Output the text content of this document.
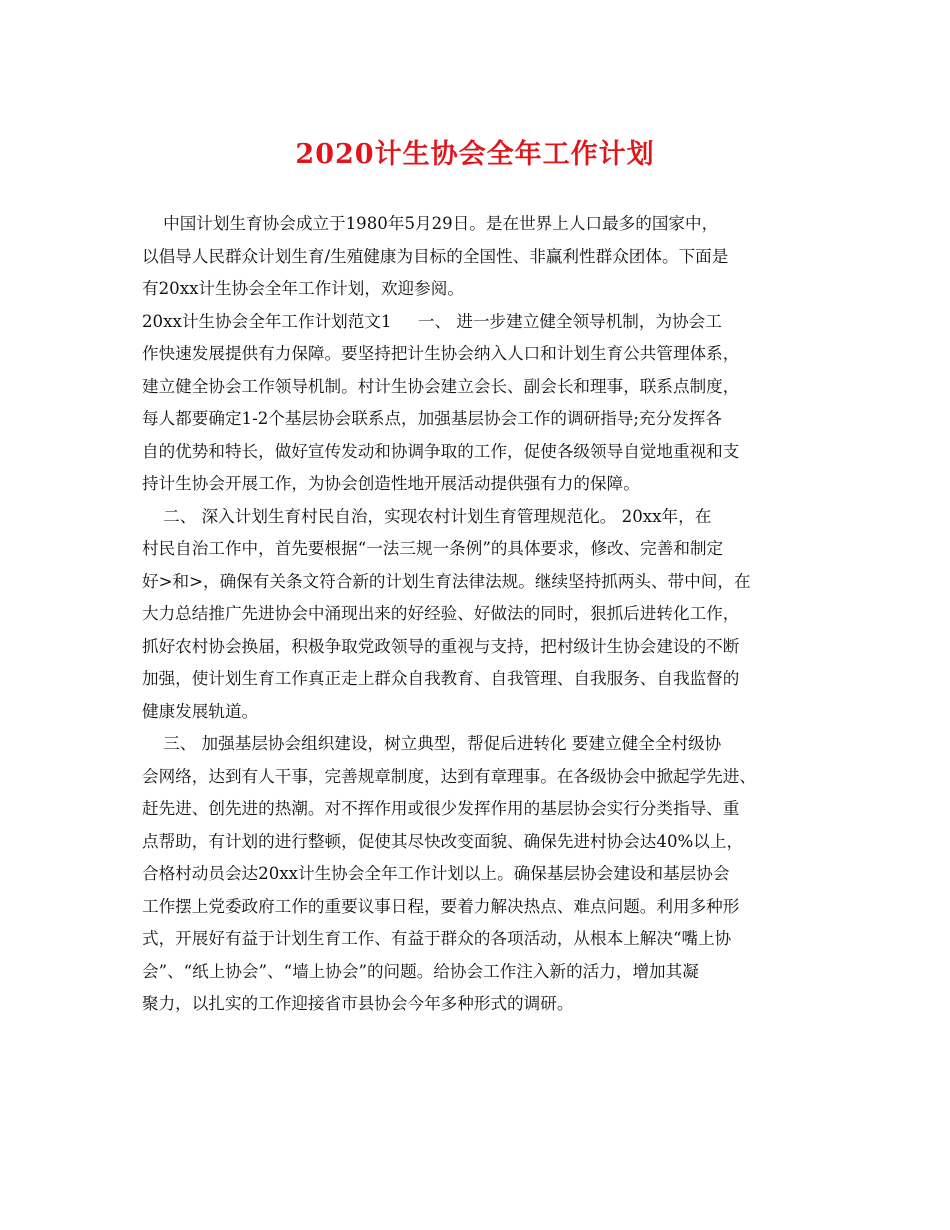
2020计生协会全年工作计划
中国计划生育协会成立于1980年5月29日。是在世界上人口最多的国家中，
以倡导人民群众计划生育/生殖健康为目标的全国性、非赢利性群众团体。下面是
有20xx计生协会全年工作计划，欢迎参阅。
20xx计生协会全年工作计划范文1     一、 进一步建立健全领导机制，为协会工
作快速发展提供有力保障。要坚持把计生协会纳入人口和计划生育公共管理体系，
建立健全协会工作领导机制。村计生协会建立会长、副会长和理事，联系点制度，
每人都要确定1-2个基层协会联系点，加强基层协会工作的调研指导;充分发挥各
自的优势和特长，做好宣传发动和协调争取的工作，促使各级领导自觉地重视和支
持计生协会开展工作，为协会创造性地开展活动提供强有力的保障。
二、 深入计划生育村民自治，实现农村计划生育管理规范化。 20xx年，在
村民自治工作中，首先要根据“一法三规一条例”的具体要求，修改、完善和制定
好>和>，确保有关条文符合新的计划生育法律法规。继续坚持抓两头、带中间，在
大力总结推广先进协会中涌现出来的好经验、好做法的同时，狠抓后进转化工作，
抓好农村协会换届，积极争取党政领导的重视与支持，把村级计生协会建设的不断
加强，使计划生育工作真正走上群众自我教育、自我管理、自我服务、自我监督的
健康发展轨道。
三、 加强基层协会组织建设，树立典型，帮促后进转化 要建立健全全村级协
会网络，达到有人干事，完善规章制度，达到有章理事。在各级协会中掀起学先进、
赶先进、创先进的热潮。对不挥作用或很少发挥作用的基层协会实行分类指导、重
点帮助，有计划的进行整顿，促使其尽快改变面貌、确保先进村协会达40%以上，
合格村动员会达20xx计生协会全年工作计划以上。确保基层协会建设和基层协会
工作摆上党委政府工作的重要议事日程，要着力解决热点、难点问题。利用多种形
式，开展好有益于计划生育工作、有益于群众的各项活动，从根本上解决“嘴上协
会”、“纸上协会”、“墙上协会”的问题。给协会工作注入新的活力，增加其凝
聚力，以扎实的工作迎接省市县协会今年多种形式的调研。
